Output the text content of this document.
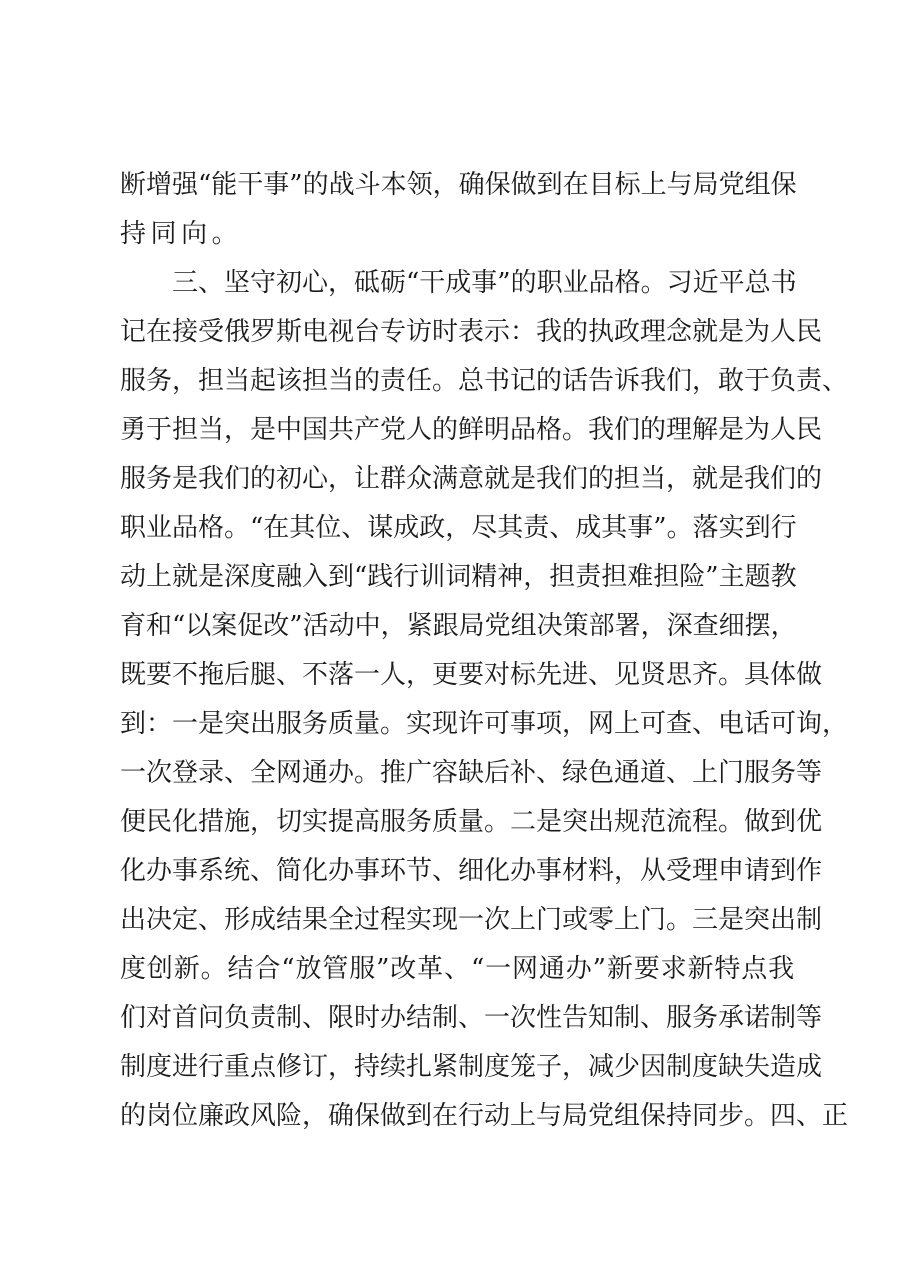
断增强“能干事”的战斗本领，确保做到在目标上与局党组保
持同向。
三、坚守初心，砥砺“干成事”的职业品格。习近平总书
记在接受俄罗斯电视台专访时表示：我的执政理念就是为人民
服务，担当起该担当的责任。总书记的话告诉我们，敢于负责、
勇于担当，是中国共产党人的鲜明品格。我们的理解是为人民
服务是我们的初心，让群众满意就是我们的担当，就是我们的
职业品格。“在其位、谋成政，尽其责、成其事”。落实到行
动上就是深度融入到“践行训词精神，担责担难担险”主题教
育和“以案促改”活动中，紧跟局党组决策部署，深查细摆，
既要不拖后腿、不落一人，更要对标先进、见贤思齐。具体做
到：一是突出服务质量。实现许可事项，网上可查、电话可询，
一次登录、全网通办。推广容缺后补、绿色通道、上门服务等
便民化措施，切实提高服务质量。二是突出规范流程。做到优
化办事系统、简化办事环节、细化办事材料，从受理申请到作
出决定、形成结果全过程实现一次上门或零上门。三是突出制
度创新。结合“放管服”改革、“一网通办”新要求新特点我
们对首问负责制、限时办结制、一次性告知制、服务承诺制等
制度进行重点修订，持续扎紧制度笼子，减少因制度缺失造成
的岗位廉政风险，确保做到在行动上与局党组保持同步。四、正
